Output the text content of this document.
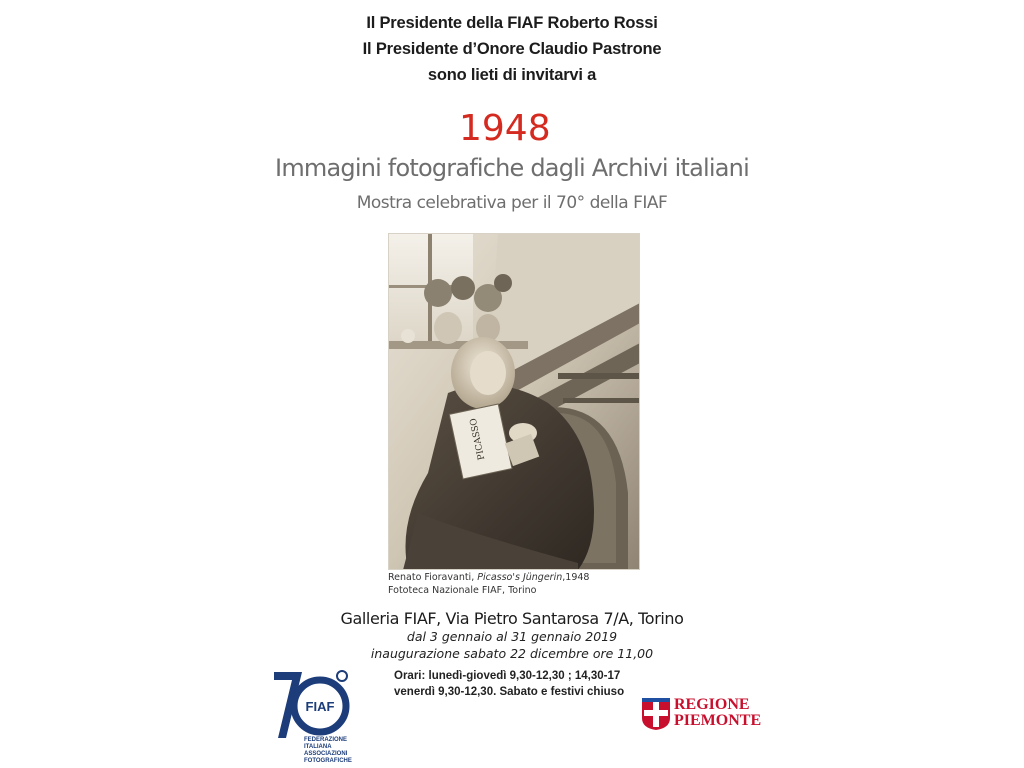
Il Presidente della FIAF Roberto Rossi
Il Presidente d’Onore Claudio Pastrone
sono lieti di invitarvi a
1948
Immagini fotografiche dagli Archivi italiani
Mostra celebrativa per il 70° della FIAF
PICASSO
Renato Fioravanti, Picasso's Jüngerin,1948
Fototeca Nazionale FIAF, Torino
Galleria FIAF, Via Pietro Santarosa 7/A, Torino
dal 3 gennaio al 31 gennaio 2019
inaugurazione sabato 22 dicembre ore 11,00
Orari: lunedì-giovedì 9,30-12,30 ; 14,30-17
venerdì 9,30-12,30. Sabato e festivi chiuso
FIAF
FEDERAZIONE
ITALIANA
ASSOCIAZIONI
FOTOGRAFICHE
REGIONE
PIEMONTE
